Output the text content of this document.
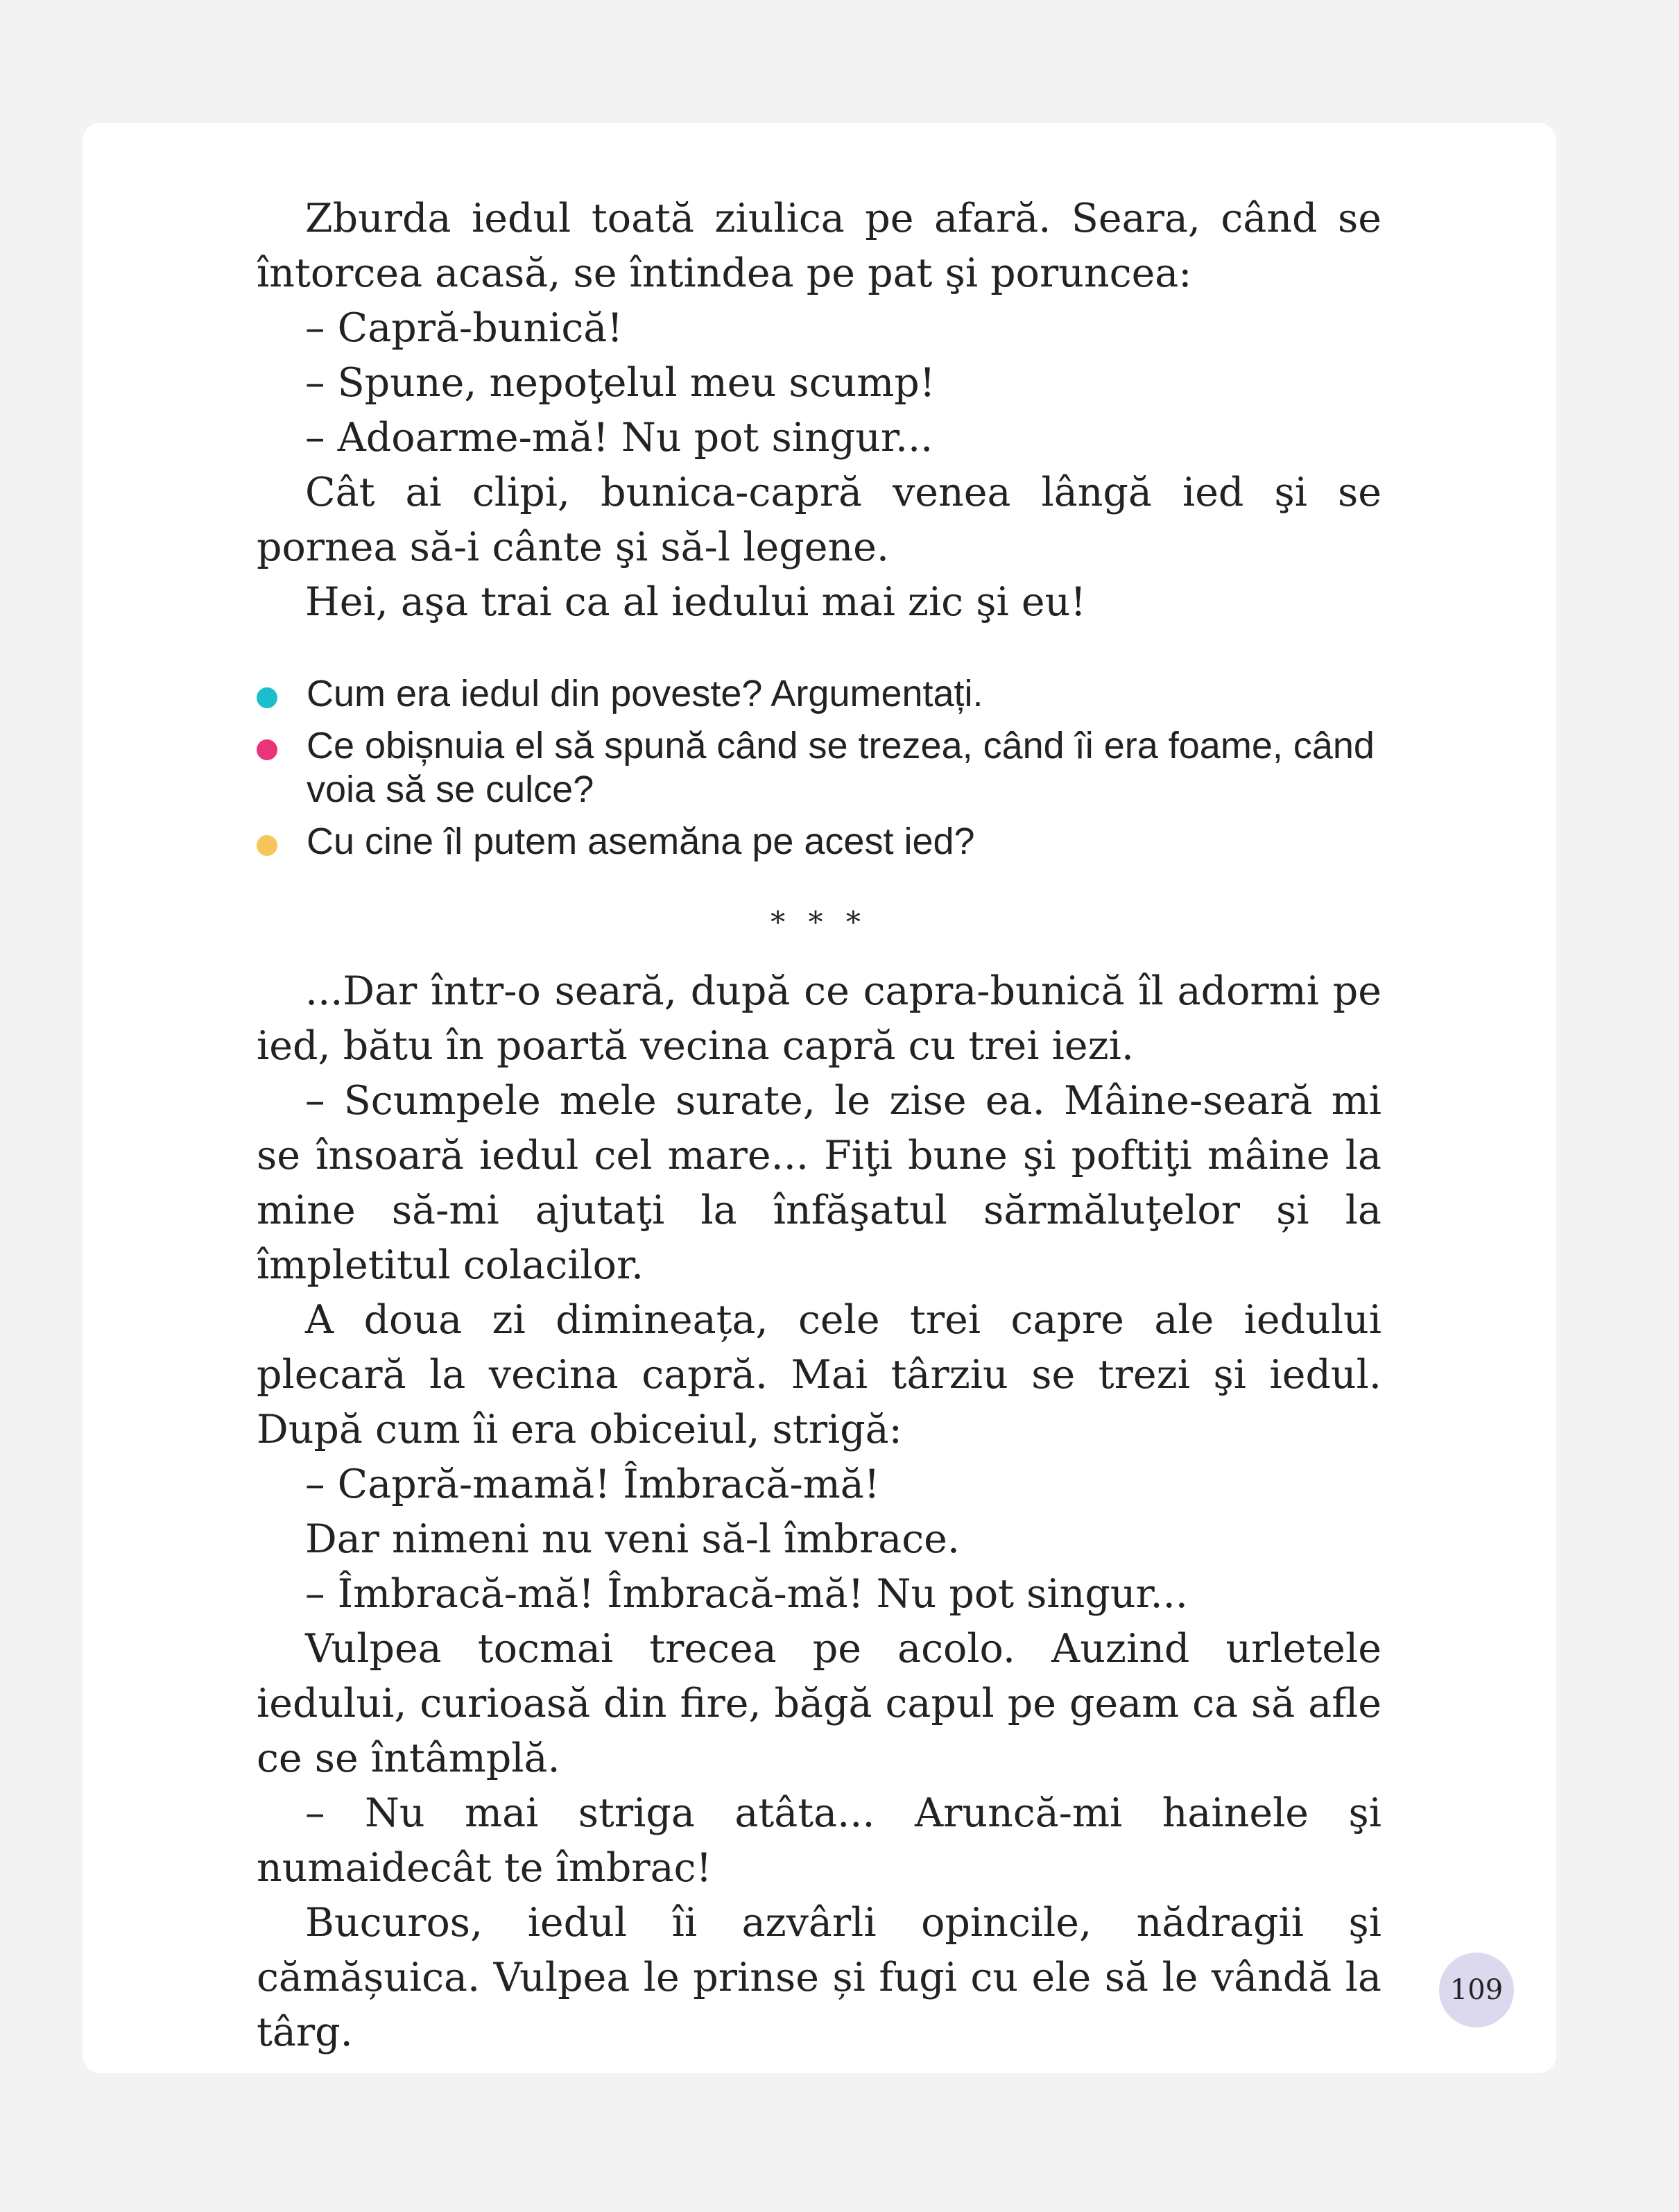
Zburda iedul toată ziulica pe afară. Seara, când se întorcea acasă, se întindea pe pat şi poruncea:

– Capră-bunică!

– Spune, nepoţelul meu scump!

– Adoarme-mă! Nu pot singur...

Cât ai clipi, bunica-capră venea lângă ied şi se pornea să-i cânte şi să-l legene.

Hei, aşa trai ca al iedului mai zic şi eu!

Cum era iedul din poveste? Argumentați.
Ce obișnuia el să spună când se trezea, când îi era foame, când voia să se culce?
Cu cine îl putem asemăna pe acest ied?
* * *

...Dar într-o seară, după ce capra-bunică îl adormi pe ied, bătu în poartă vecina capră cu trei iezi.

– Scumpele mele surate, le zise ea. Mâine-seară mi se însoară iedul cel mare... Fiţi bune şi poftiţi mâine la mine să-mi ajutaţi la înfăşatul sărmăluţelor și la împletitul colacilor.

A doua zi dimineața, cele trei capre ale iedului plecară la vecina capră. Mai târziu se trezi şi iedul. După cum îi era obiceiul, strigă:

– Capră-mamă! Îmbracă-mă!

Dar nimeni nu veni să-l îmbrace.

– Îmbracă-mă! Îmbracă-mă! Nu pot singur...

Vulpea tocmai trecea pe acolo. Auzind urletele iedului, curioasă din fire, băgă capul pe geam ca să afle ce se întâmplă.

– Nu mai striga atâta... Aruncă-mi hainele şi numaidecât te îmbrac!

Bucuros, iedul îi azvârli opincile, nădragii şi cămășuica. Vulpea le prinse și fugi cu ele să le vândă la târg.

109
